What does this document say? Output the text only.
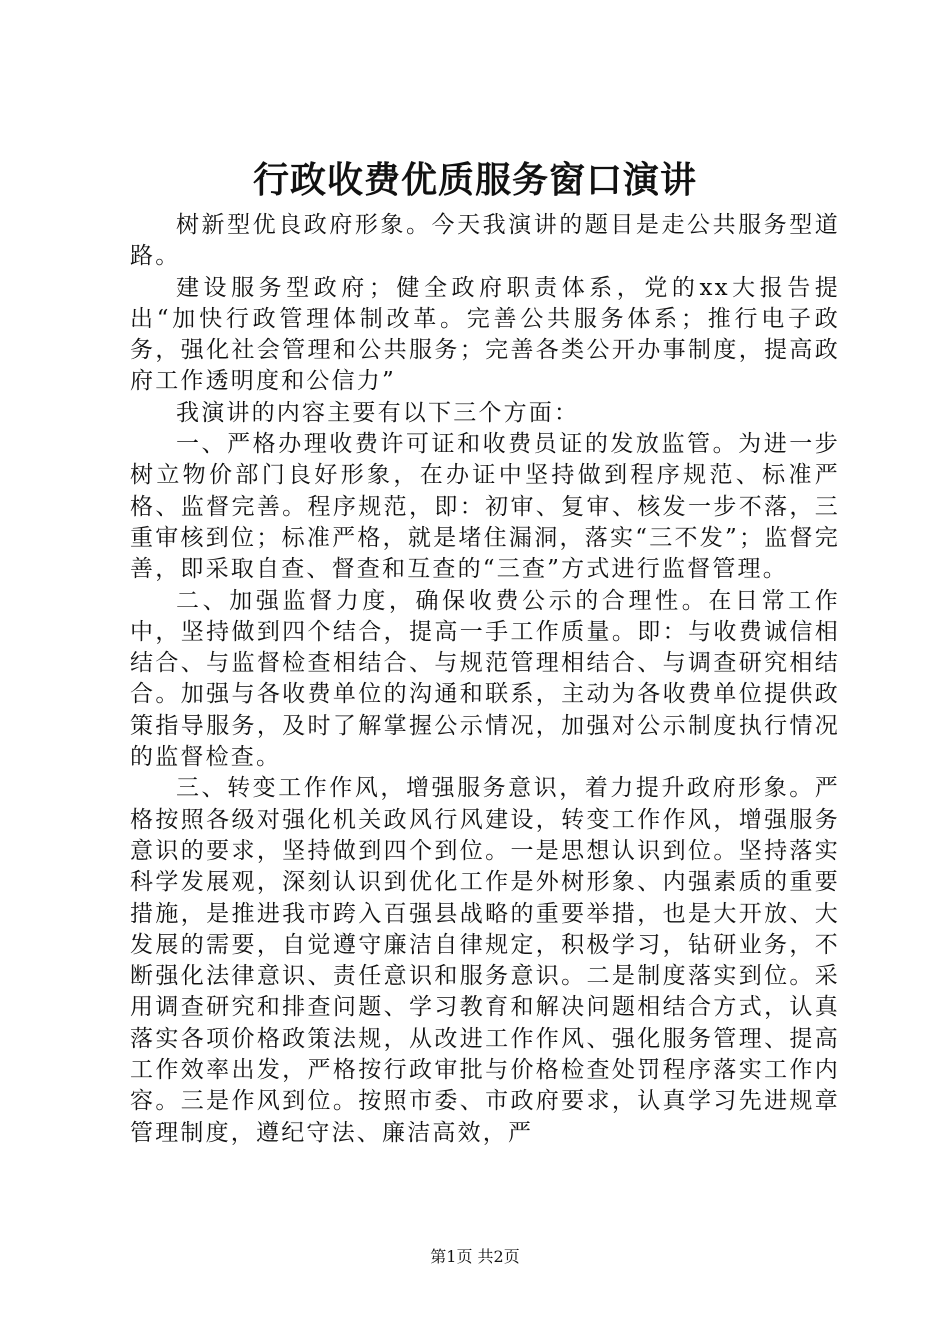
行政收费优质服务窗口演讲

树新型优良政府形象。今天我演讲的题目是走公共服务型道路。

建设服务型政府；健全政府职责体系，党的xx大报告提出“加快行政管理体制改革。完善公共服务体系；推行电子政务，强化社会管理和公共服务；完善各类公开办事制度，提高政府工作透明度和公信力”

我演讲的内容主要有以下三个方面：

一、严格办理收费许可证和收费员证的发放监管。为进一步树立物价部门良好形象，在办证中坚持做到程序规范、标准严格、监督完善。程序规范，即：初审、复审、核发一步不落，三重审核到位；标准严格，就是堵住漏洞，落实“三不发”；监督完善，即采取自查、督查和互查的“三查”方式进行监督管理。

二、加强监督力度，确保收费公示的合理性。在日常工作中，坚持做到四个结合，提高一手工作质量。即：与收费诚信相结合、与监督检查相结合、与规范管理相结合、与调查研究相结合。加强与各收费单位的沟通和联系，主动为各收费单位提供政策指导服务，及时了解掌握公示情况，加强对公示制度执行情况的监督检查。

三、转变工作作风，增强服务意识，着力提升政府形象。严格按照各级对强化机关政风行风建设，转变工作作风，增强服务意识的要求，坚持做到四个到位。一是思想认识到位。坚持落实科学发展观，深刻认识到优化工作是外树形象、内强素质的重要措施，是推进我市跨入百强县战略的重要举措，也是大开放、大发展的需要，自觉遵守廉洁自律规定，积极学习，钻研业务，不断强化法律意识、责任意识和服务意识。二是制度落实到位。采用调查研究和排查问题、学习教育和解决问题相结合方式，认真落实各项价格政策法规，从改进工作作风、强化服务管理、提高工作效率出发，严格按行政审批与价格检查处罚程序落实工作内容。三是作风到位。按照市委、市政府要求，认真学习先进规章管理制度，遵纪守法、廉洁高效，严

第1页 共2页
